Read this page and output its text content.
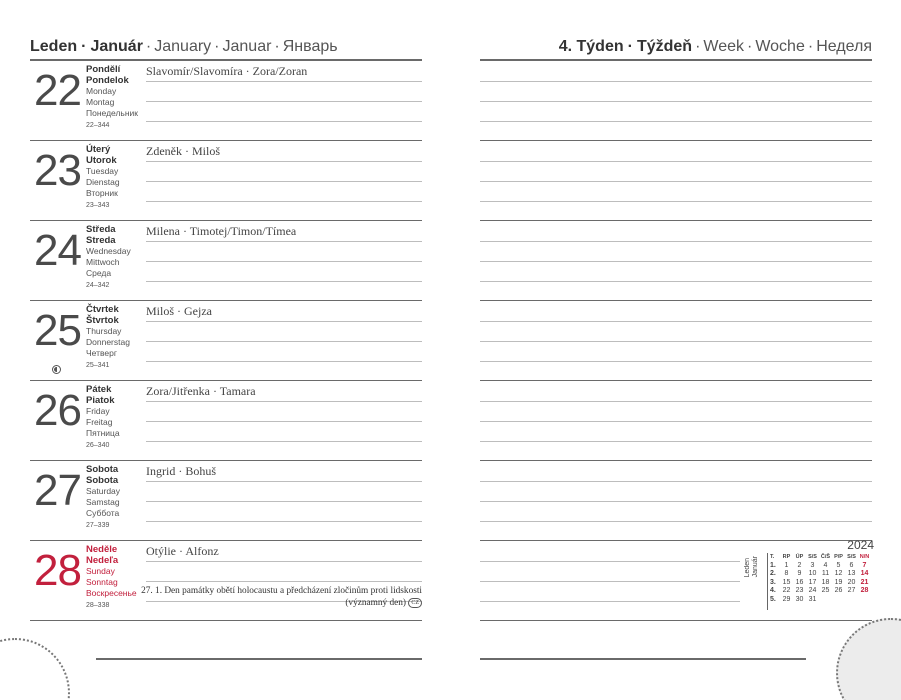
Leden · Január · January · Januar · Январь
22 Pondělí
Pondelok
Monday
Montag
Понедельник
22–344
Slavomír/Slavomíra · Zora/Zoran
23 Úterý
Utorok
Tuesday
Dienstag
Вторник
23–343
Zdeněk · Miloš
24 Středa
Streda
Wednesday
Mittwoch
Среда
24–342
Milena · Timotej/Timon/Tímea
25 Čtvrtek
Štvrtok
Thursday
Donnerstag
Четверг
25–341
Miloš · Gejza
26 Pátek
Piatok
Friday
Freitag
Пятница
26–340
Zora/Jitřenka · Tamara
27 Sobota
Sobota
Saturday
Samstag
Суббота
27–339
Ingrid · Bohuš
28 Neděle
Nedeľa
Sunday
Sonntag
Воскресенье
28–338
Otýlie · Alfonz
27. 1. Den památky obětí holocaustu a předcházení zločinům proti lidskosti
(významný den) CZ
4. Týden · Týždeň · Week · Woche · Неделя
2024
Leden
Január T.	RP	ÚP	S/S	Č/Š	P/P	S/S	N/N
1.	1	2	3	4	5	6	7
2.	8	9	10	11	12	13	14
3.	15	16	17	18	19	20	21
4.	22	23	24	25	26	27	28
5.	29	30	31				
